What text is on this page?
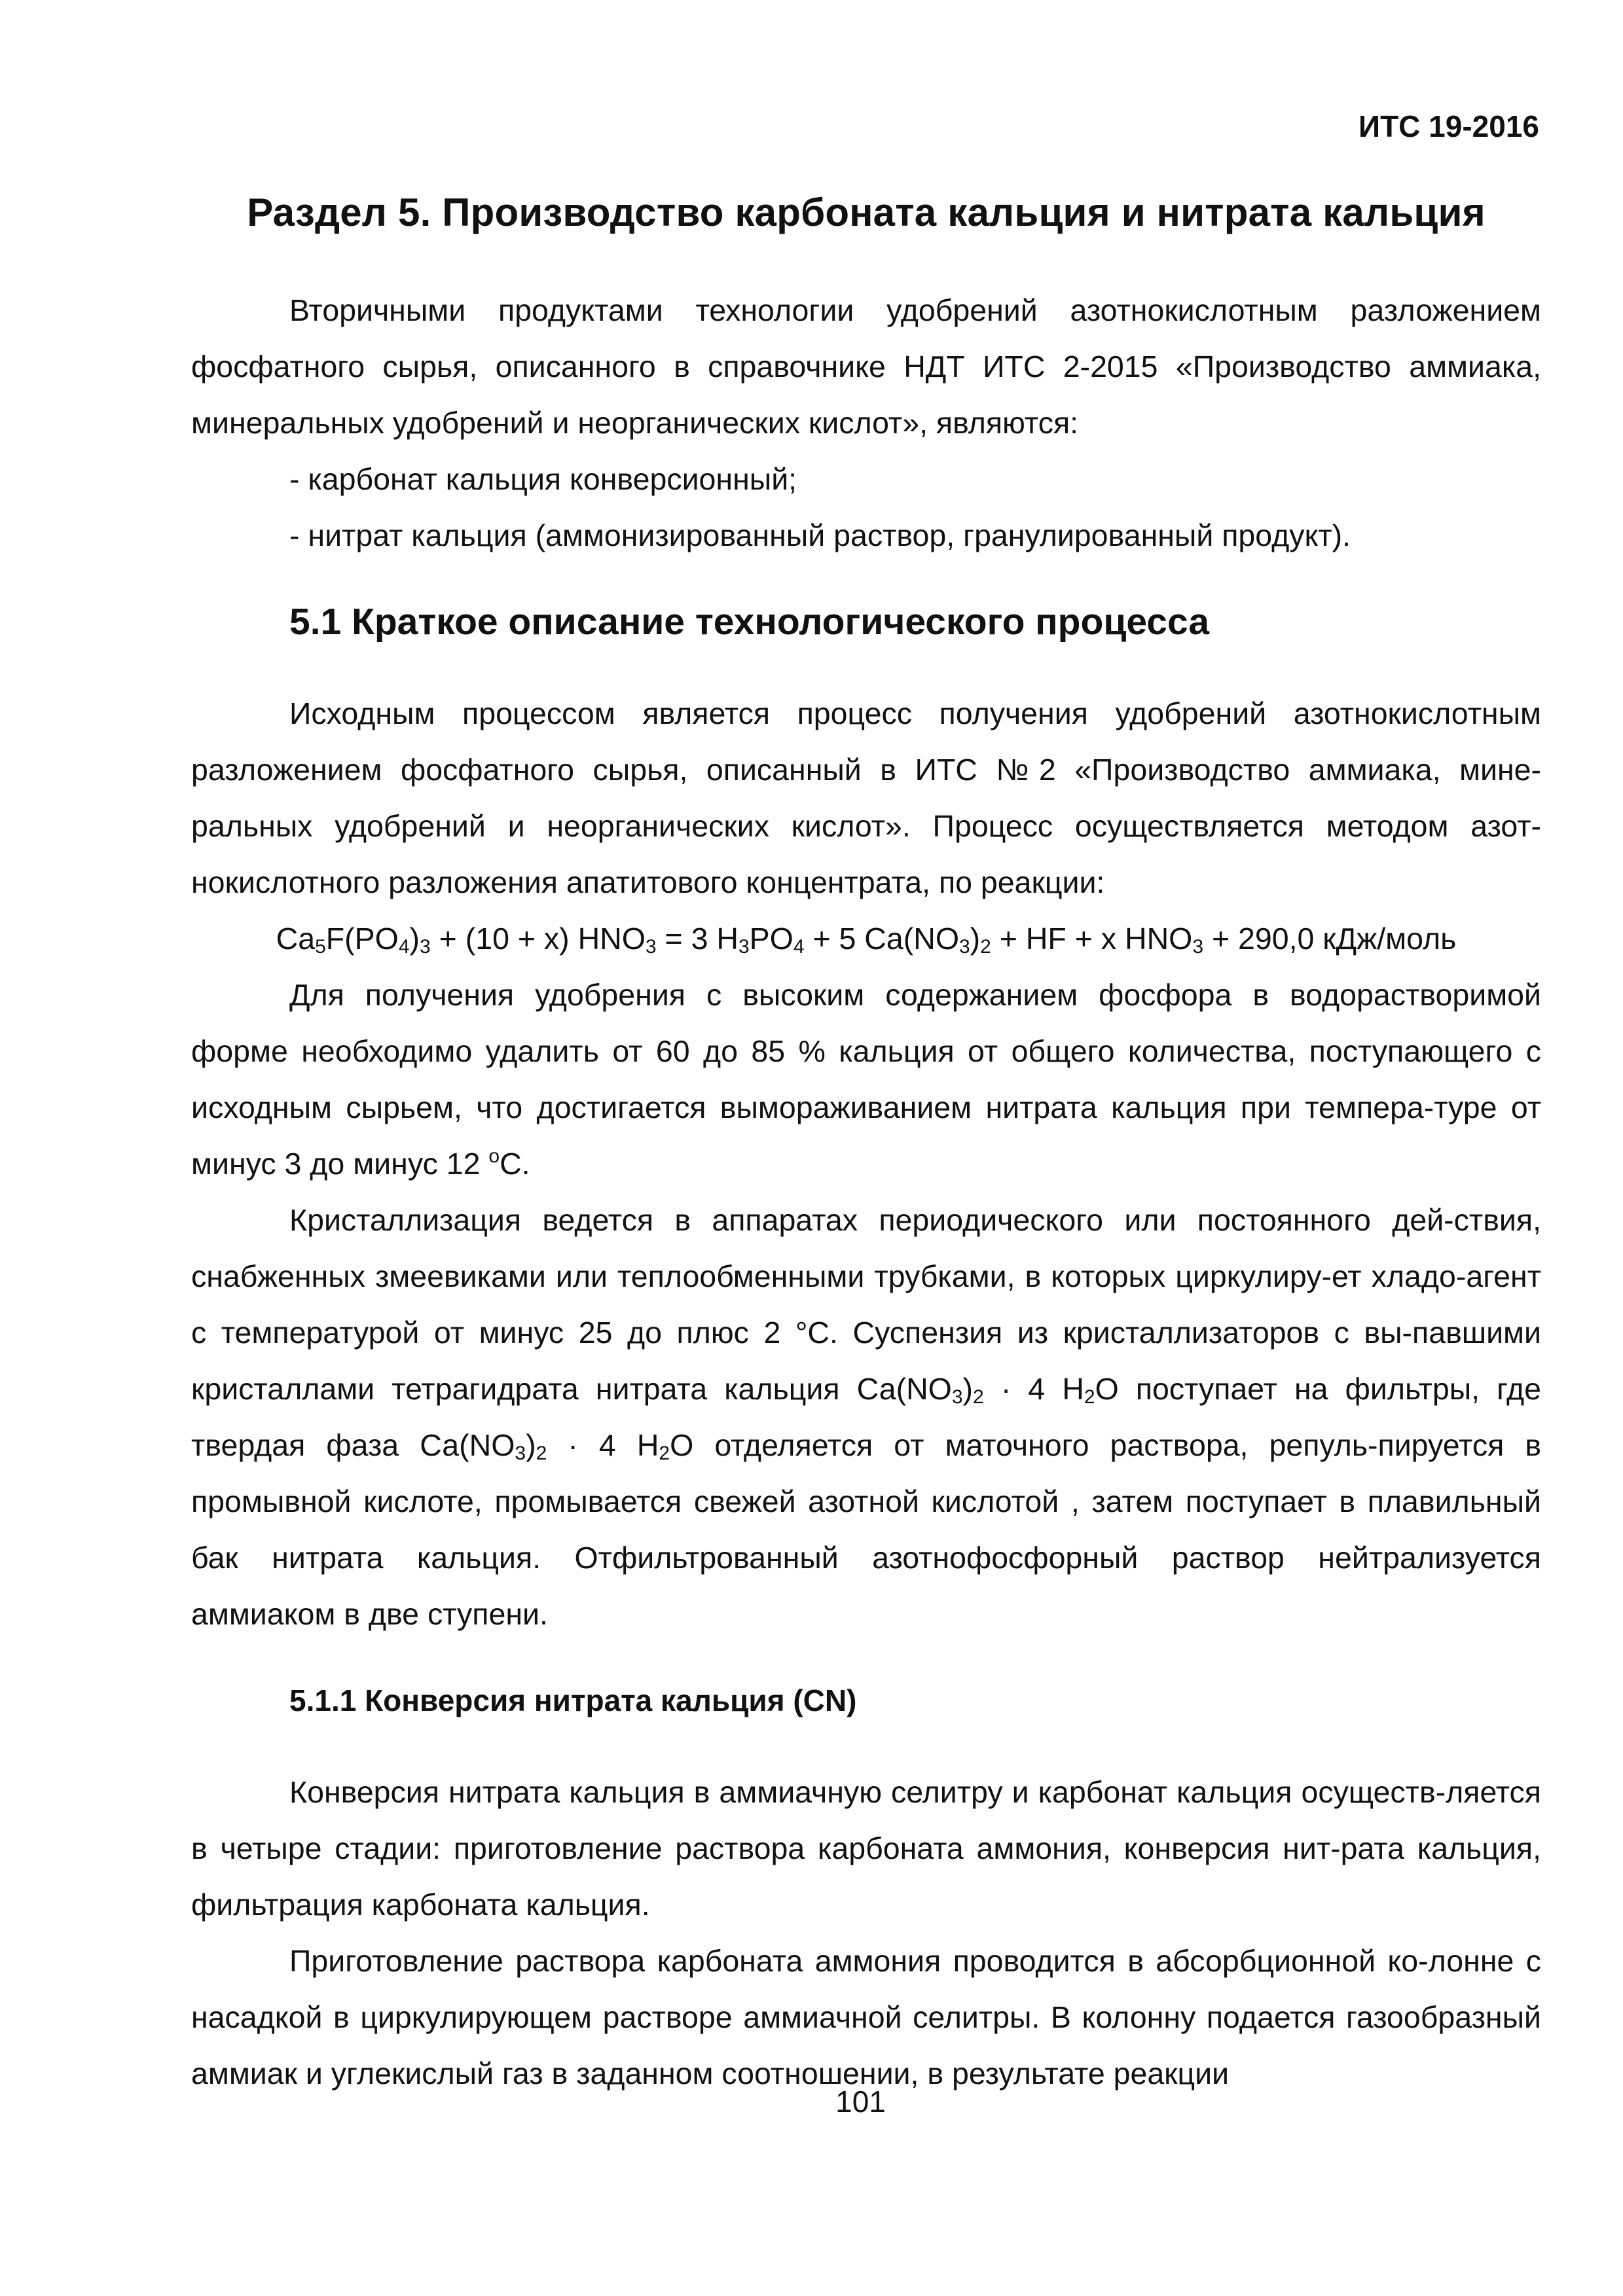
ИТС 19-2016

Раздел 5. Производство карбоната кальция и нитрата кальция

Вторичными продуктами технологии удобрений азотнокислотным разложением фосфатного сырья, описанного в справочнике НДТ ИТС 2-2015 «Производство аммиака, минеральных удобрений и неорганических кислот», являются:

- карбонат кальция конверсионный;

- нитрат кальция (аммонизированный раствор, гранулированный продукт).

5.1 Краткое описание технологического процесса

Исходным процессом является процесс получения удобрений азотнокислотным разложением фосфатного сырья, описанный в ИТС №2 «Производство аммиака, мине-ральных удобрений и неорганических кислот». Процесс осуществляется методом азот-нокислотного разложения апатитового концентрата, по реакции:

$Ca_5F(PO_4)_3 + (10 + x) HNO_3 = 3$ $H_3PO_4 + 5$ $Ca(NO_3)_2$ + HF + x $HNO_3 + 290,0$ кДж/моль

Для получения удобрения с высоким содержанием фосфора в водорастворимой форме необходимо удалить от 60 до 85 % кальция от общего количества, поступающего с исходным сырьем, что достигается вымораживанием нитрата кальция при темпера-туре от минус 3 до минус 12 $^о$С.

Кристаллизация ведется в аппаратах периодического или постоянного дей-ствия, снабженных змеевиками или теплообменными трубками, в которых циркулиру-ет хладо-агент с температурой от минус 25 до плюс 2 °С. Суспензия из кристаллизаторов с вы-павшими кристаллами тетрагидрата нитрата кальция $Са(NO_3)_2 \cdot 4$ $Н_2О$ поступает на фильтры, где твердая фаза $Са(NO_3)_2 \cdot 4$ $Н_2О$ отделяется от маточного раствора, репуль-пируется в промывной кислоте, промывается свежей азотной кислотой , затем поступает в плавильный бак нитрата кальция. Отфильтрованный азотнофосфорный раствор нейтрализуется аммиаком в две ступени.

5.1.1 Конверсия нитрата кальция (CN)

Конверсия нитрата кальция в аммиачную селитру и карбонат кальция осуществ-ляется в четыре стадии: приготовление раствора карбоната аммония, конверсия нит-рата кальция, фильтрация карбоната кальция.

Приготовление раствора карбоната аммония проводится в абсорбционной ко-лонне с насадкой в циркулирующем растворе аммиачной селитры. В колонну подается газообразный аммиак и углекислый газ в заданном соотношении, в результате реакции

101
